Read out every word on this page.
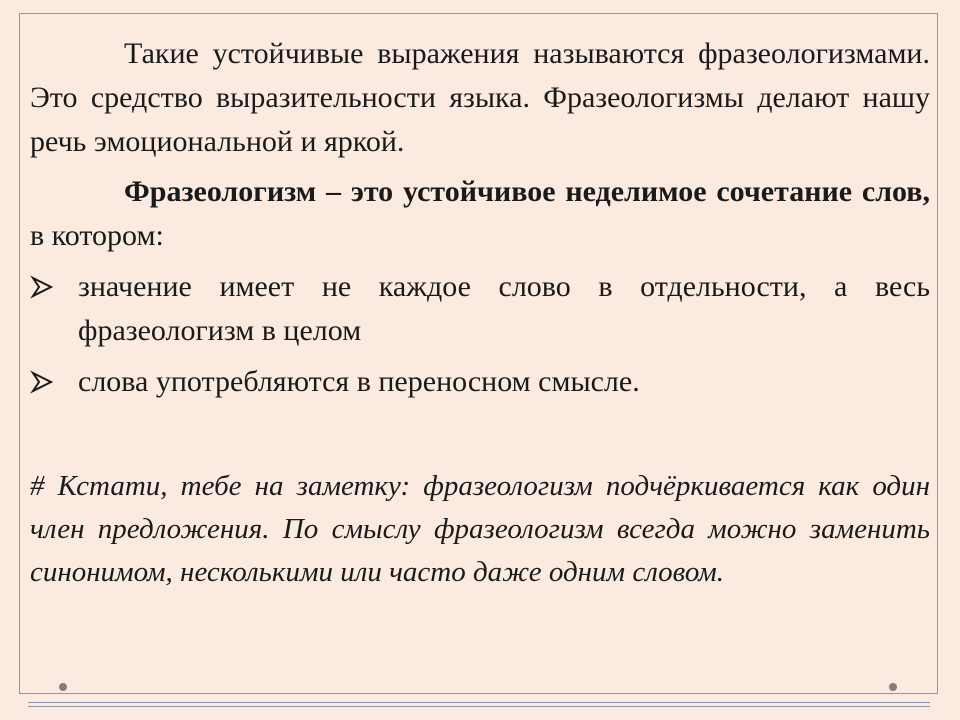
Такие устойчивые выражения называются фразеологизмами. Это средство выразительности языка. Фразеологизмы делают нашу речь эмоциональной и яркой.

Фразеологизм – это устойчивое неделимое сочетание слов, в котором:

значение имеет не каждое слово в отдельности, а весь фразеологизм в целом
слова употребляются в переносном смысле.

# Кстати, тебе на заметку: фразеологизм подчёркивается как один член предложения. По смыслу фразеологизм всегда можно заменить синонимом, несколькими или часто даже одним словом.
